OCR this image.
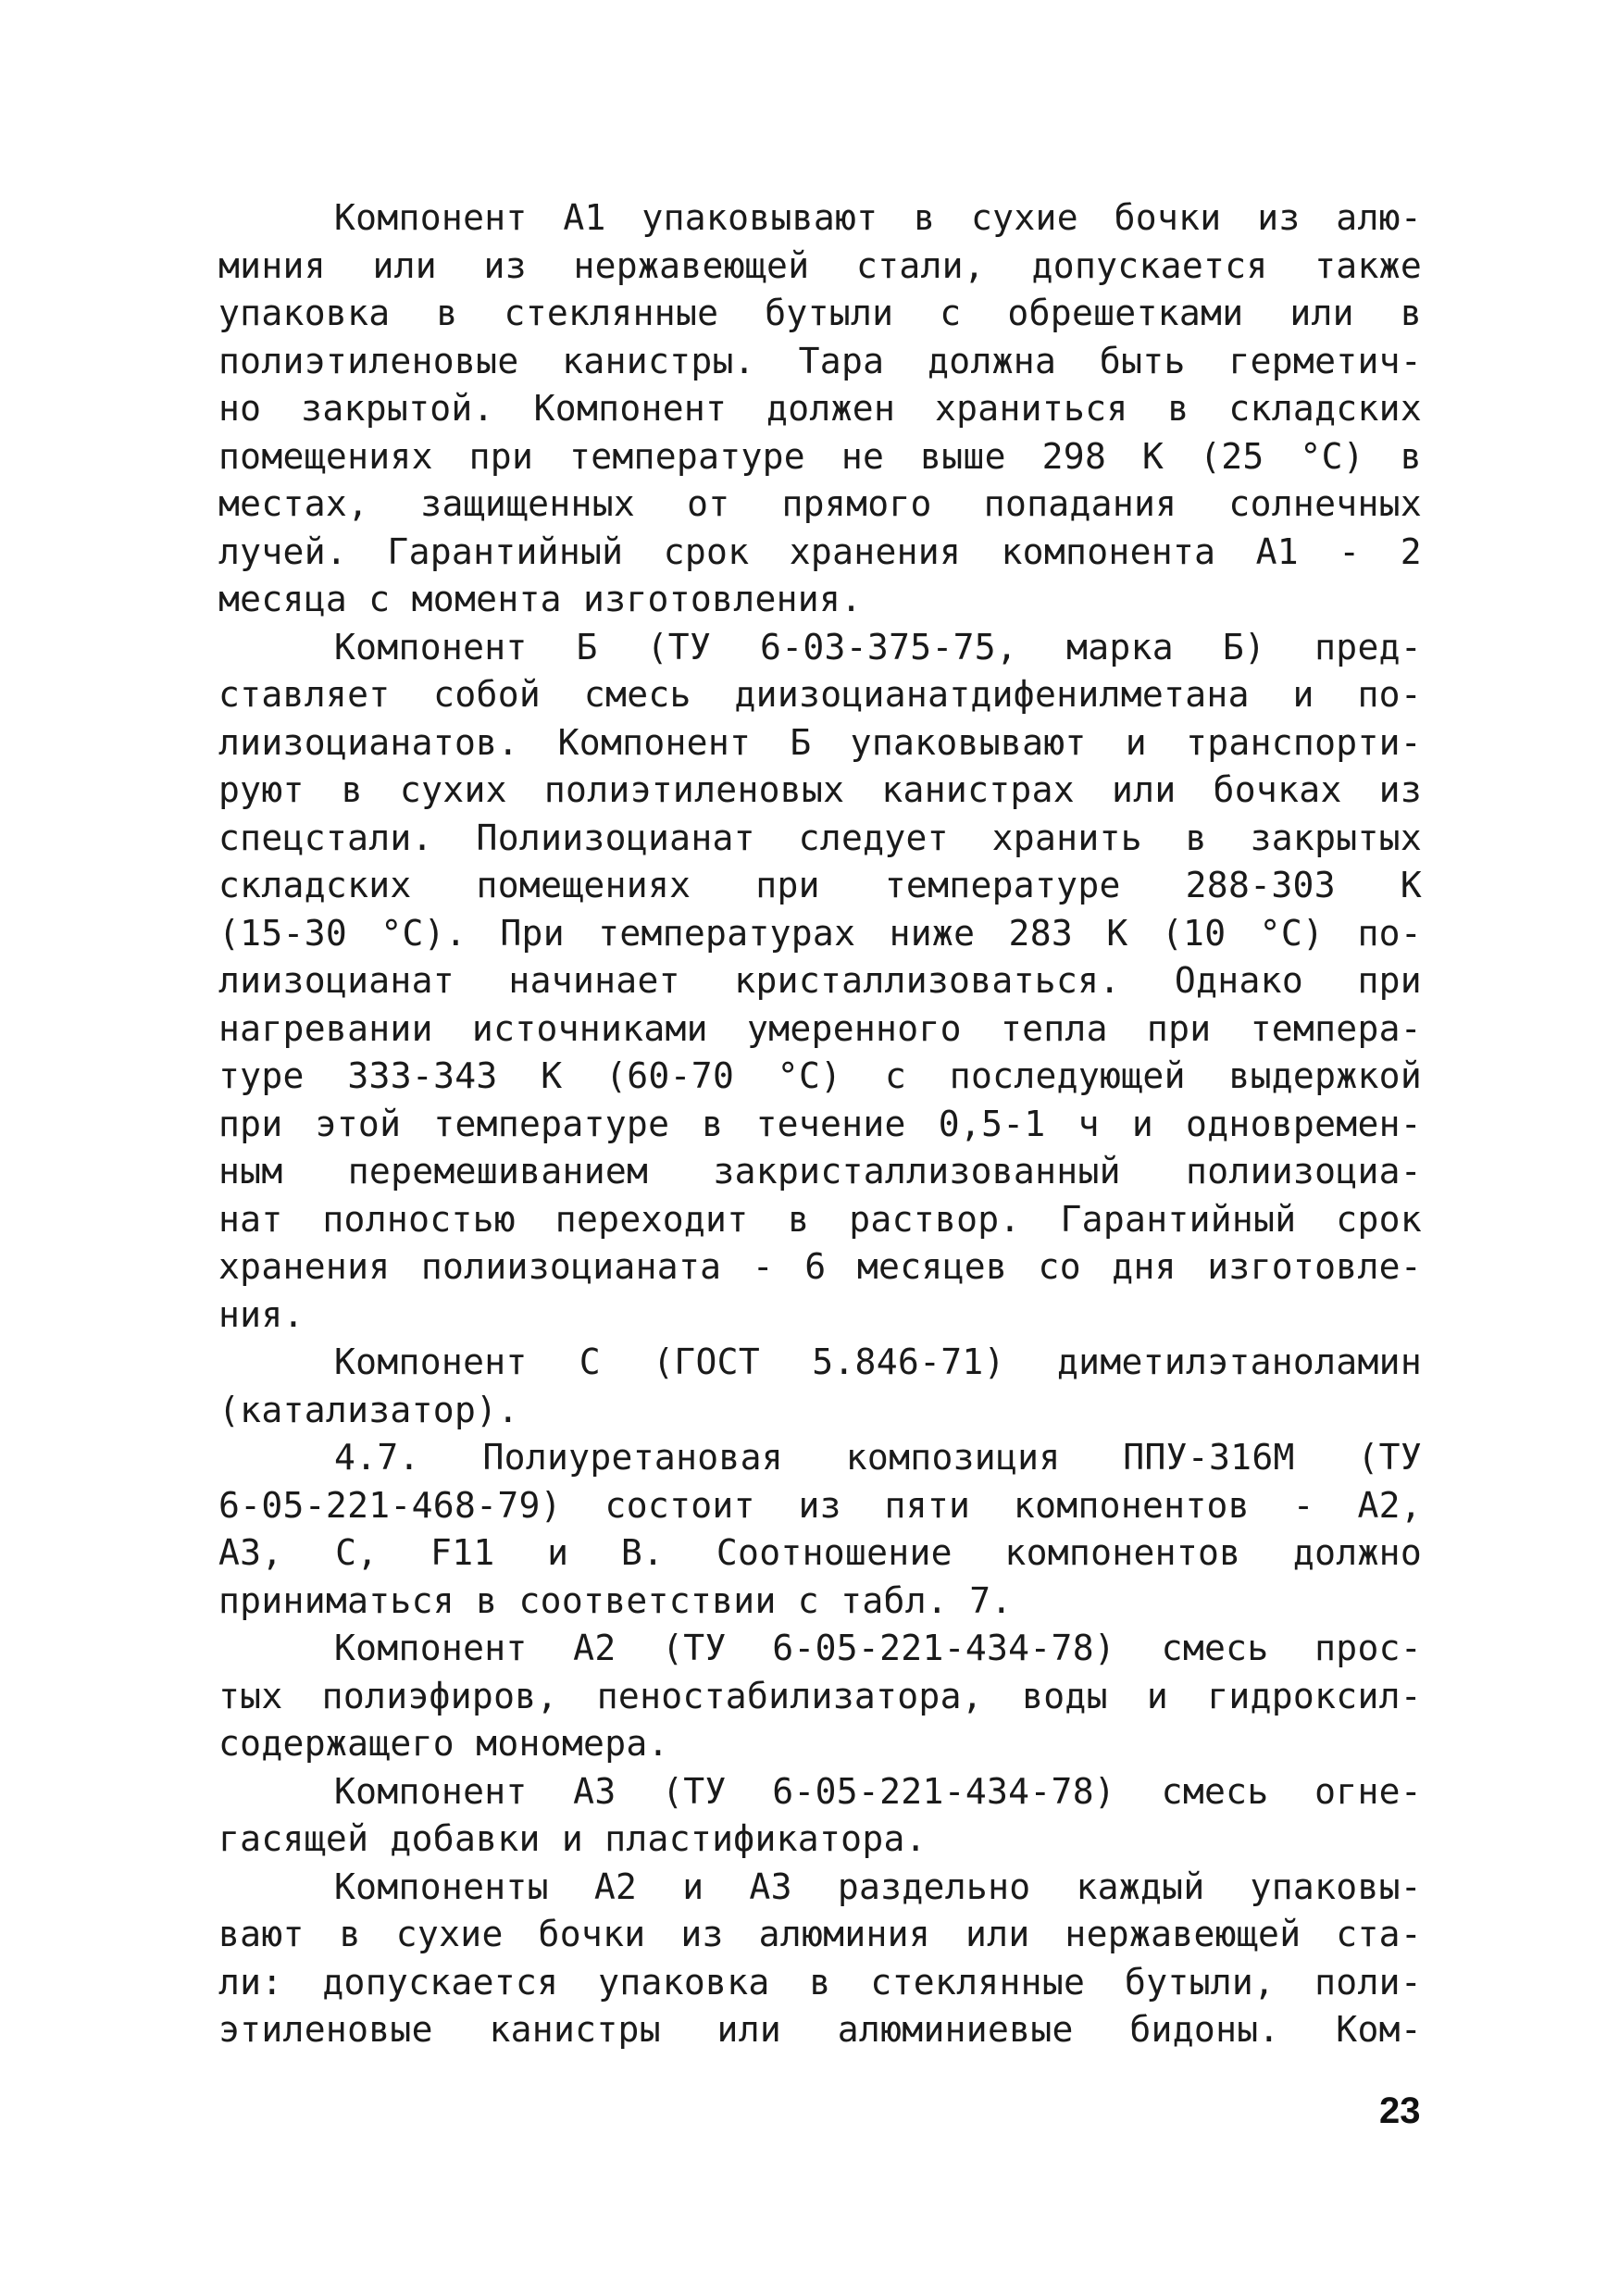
Компонент А1 упаковывают в сухие бочки из алю-
миния или из нержавеющей стали, допускается также
упаковка в стеклянные бутыли с обрешетками или в
полиэтиленовые канистры. Тара должна быть герметич-
но закрытой. Компонент должен храниться в складских
помещениях при температуре не выше 298 К (25 °С) в
местах, защищенных от прямого попадания солнечных
лучей. Гарантийный срок хранения компонента А1 - 2
месяца с момента изготовления.
Компонент Б (ТУ 6-03-375-75, марка Б) пред-
ставляет собой смесь диизоцианатдифенилметана и по-
лиизоцианатов. Компонент Б упаковывают и транспорти-
руют в сухих полиэтиленовых канистрах или бочках из
спецстали. Полиизоцианат следует хранить в закрытых
складских помещениях при температуре 288-303 К
(15-30 °С). При температурах ниже 283 К (10 °С) по-
лиизоцианат начинает кристаллизоваться. Однако при
нагревании источниками умеренного тепла при темпера-
туре 333-343 К (60-70 °С) с последующей выдержкой
при этой температуре в течение 0,5-1 ч и одновремен-
ным перемешиванием закристаллизованный полиизоциа-
нат полностью переходит в раствор. Гарантийный срок
хранения полиизоцианата - 6 месяцев со дня изготовле-
ния.
Компонент С (ГОСТ 5.846-71) диметилэтаноламин
(катализатор).
4.7. Полиуретановая композиция ППУ-316М (ТУ
6-05-221-468-79) состоит из пяти компонентов - А2,
А3, С, F11 и В. Соотношение компонентов должно
приниматься в соответствии с табл. 7.
Компонент А2 (ТУ 6-05-221-434-78) смесь прос-
тых полиэфиров, пеностабилизатора, воды и гидроксил-
содержащего мономера.
Компонент А3 (ТУ 6-05-221-434-78) смесь огне-
гасящей добавки и пластификатора.
Компоненты А2 и А3 раздельно каждый упаковы-
вают в сухие бочки из алюминия или нержавеющей ста-
ли: допускается упаковка в стеклянные бутыли, поли-
этиленовые канистры или алюминиевые бидоны. Ком-
23
